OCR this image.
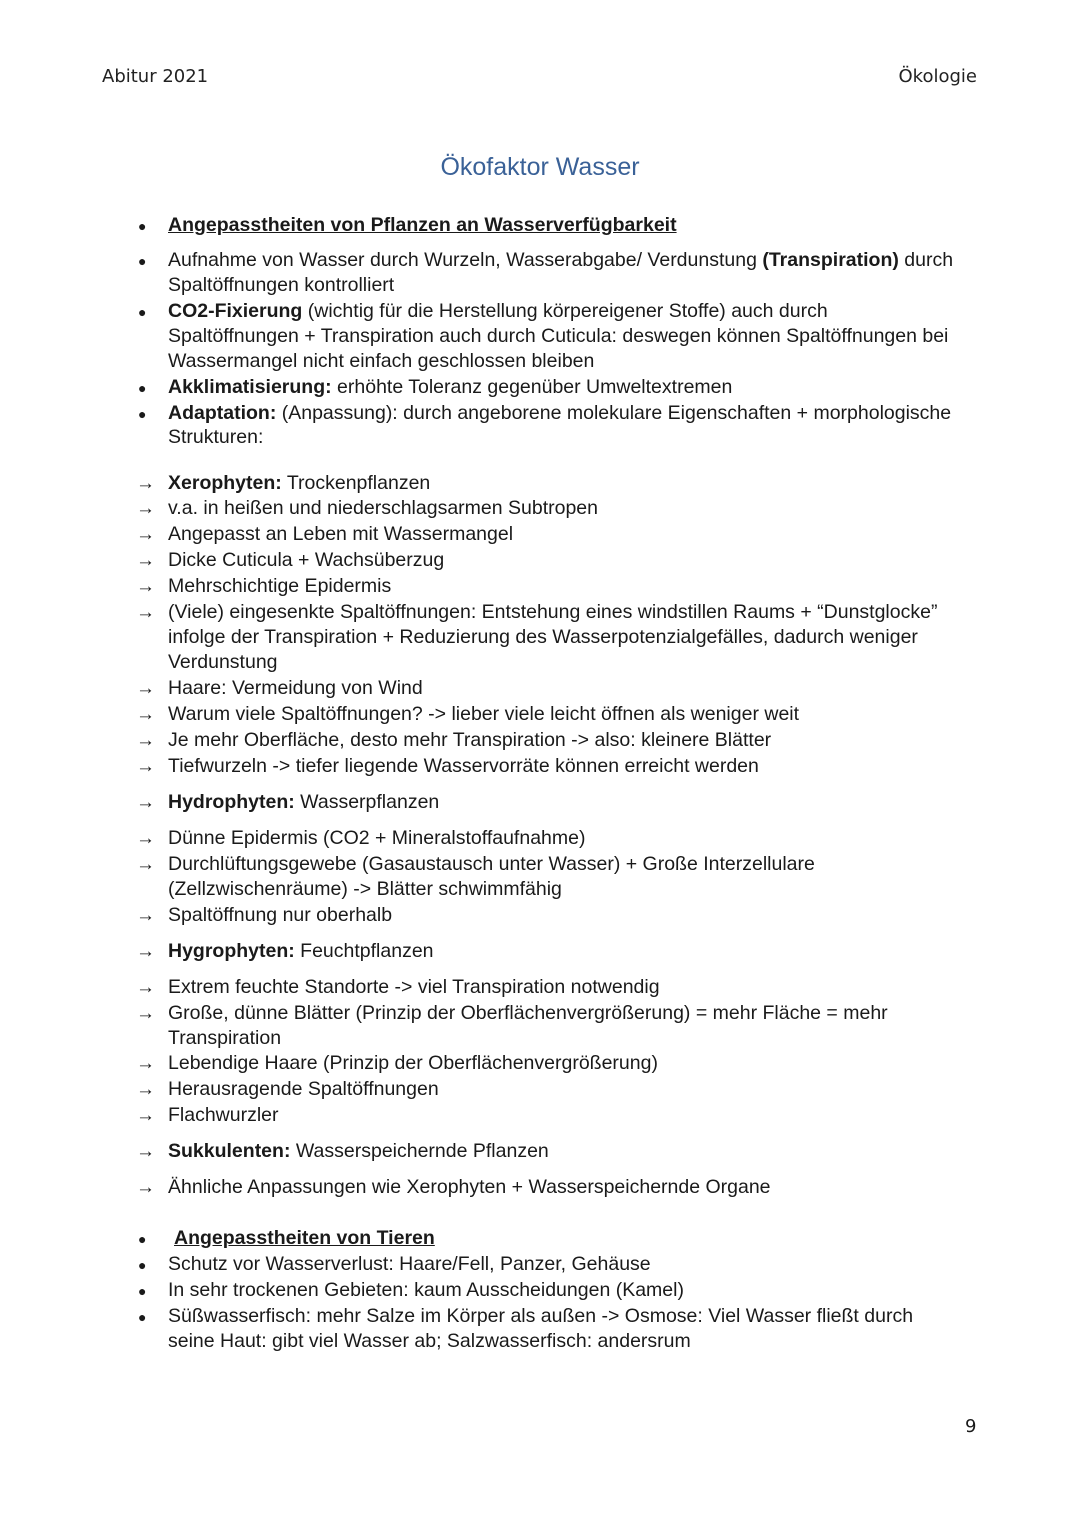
Abitur 2021	Ökologie
Ökofaktor Wasser
●	Angepasstheiten von Pflanzen an Wasserverfügbarkeit
●	Aufnahme von Wasser durch Wurzeln, Wasserabgabe/ Verdunstung (Transpiration) durch
Spaltöffnungen kontrolliert
●	CO2-Fixierung (wichtig für die Herstellung körpereigener Stoffe) auch durch
Spaltöffnungen + Transpiration auch durch Cuticula: deswegen können Spaltöffnungen bei
Wassermangel nicht einfach geschlossen bleiben
●	Akklimatisierung: erhöhte Toleranz gegenüber Umweltextremen
●	Adaptation: (Anpassung): durch angeborene molekulare Eigenschaften + morphologische
Strukturen:
→ Xerophyten: Trockenpflanzen
→ v.a. in heißen und niederschlagsarmen Subtropen
→ Angepasst an Leben mit Wassermangel
→ Dicke Cuticula + Wachsüberzug
→ Mehrschichtige Epidermis
→ (Viele) eingesenkte Spaltöffnungen: Entstehung eines windstillen Raums + “Dunstglocke”
infolge der Transpiration + Reduzierung des Wasserpotenzialgefälles, dadurch weniger
Verdunstung
→ Haare: Vermeidung von Wind
→ Warum viele Spaltöffnungen? -> lieber viele leicht öffnen als weniger weit
→ Je mehr Oberfläche, desto mehr Transpiration -> also: kleinere Blätter
→ Tiefwurzeln -> tiefer liegende Wasservorräte können erreicht werden
→ Hydrophyten: Wasserpflanzen
→ Dünne Epidermis (CO2 + Mineralstoffaufnahme)
→ Durchlüftungsgewebe (Gasaustausch unter Wasser) + Große Interzellulare
(Zellzwischenräume) -> Blätter schwimmfähig
→ Spaltöffnung nur oberhalb
→ Hygrophyten: Feuchtpflanzen
→ Extrem feuchte Standorte -> viel Transpiration notwendig
→ Große, dünne Blätter (Prinzip der Oberflächenvergrößerung) = mehr Fläche = mehr
Transpiration
→ Lebendige Haare (Prinzip der Oberflächenvergrößerung)
→ Herausragende Spaltöffnungen
→ Flachwurzler
→ Sukkulenten: Wasserspeichernde Pflanzen
→ Ähnliche Anpassungen wie Xerophyten + Wasserspeichernde Organe
●	Angepasstheiten von Tieren
●	Schutz vor Wasserverlust: Haare/Fell, Panzer, Gehäuse
●	In sehr trockenen Gebieten: kaum Ausscheidungen (Kamel)
●	Süßwasserfisch: mehr Salze im Körper als außen -> Osmose: Viel Wasser fließt durch
seine Haut: gibt viel Wasser ab; Salzwasserfisch: andersrum
9
